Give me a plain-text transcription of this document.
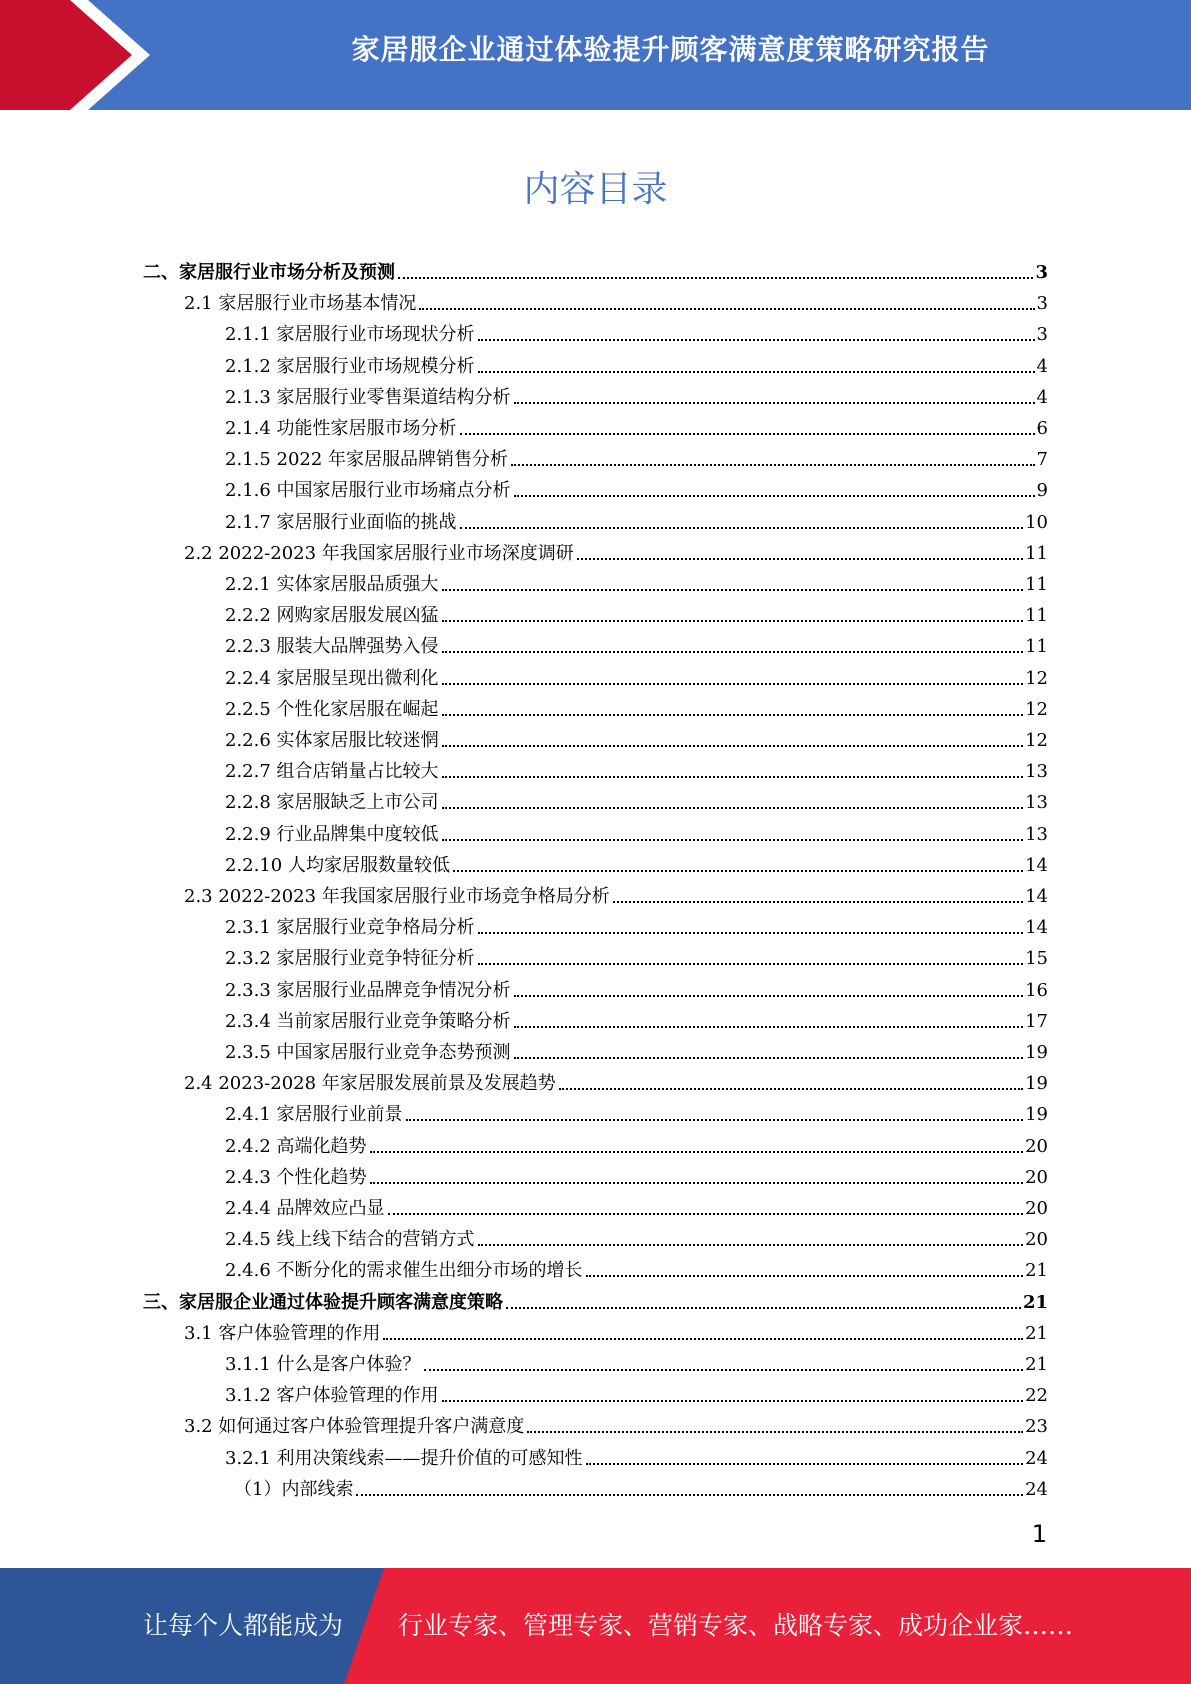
家居服企业通过体验提升顾客满意度策略研究报告
内容目录
二、家居服行业市场分析及预测	3
2.1 家居服行业市场基本情况	3
2.1.1 家居服行业市场现状分析	3
2.1.2 家居服行业市场规模分析	4
2.1.3 家居服行业零售渠道结构分析	4
2.1.4 功能性家居服市场分析	6
2.1.5 2022 年家居服品牌销售分析	7
2.1.6 中国家居服行业市场痛点分析	9
2.1.7 家居服行业面临的挑战	10
2.2 2022-2023 年我国家居服行业市场深度调研	11
2.2.1 实体家居服品质强大	11
2.2.2 网购家居服发展凶猛	11
2.2.3 服装大品牌强势入侵	11
2.2.4 家居服呈现出微利化	12
2.2.5 个性化家居服在崛起	12
2.2.6 实体家居服比较迷惘	12
2.2.7 组合店销量占比较大	13
2.2.8 家居服缺乏上市公司	13
2.2.9 行业品牌集中度较低	13
2.2.10 人均家居服数量较低	14
2.3 2022-2023 年我国家居服行业市场竞争格局分析	14
2.3.1 家居服行业竞争格局分析	14
2.3.2 家居服行业竞争特征分析	15
2.3.3 家居服行业品牌竞争情况分析	16
2.3.4 当前家居服行业竞争策略分析	17
2.3.5 中国家居服行业竞争态势预测	19
2.4 2023-2028 年家居服发展前景及发展趋势	19
2.4.1 家居服行业前景	19
2.4.2 高端化趋势	20
2.4.3 个性化趋势	20
2.4.4 品牌效应凸显	20
2.4.5 线上线下结合的营销方式	20
2.4.6 不断分化的需求催生出细分市场的增长	21
三、家居服企业通过体验提升顾客满意度策略	21
3.1 客户体验管理的作用	21
3.1.1 什么是客户体验？	21
3.1.2 客户体验管理的作用	22
3.2 如何通过客户体验管理提升客户满意度	23
3.2.1 利用决策线索——提升价值的可感知性	24
（1）内部线索	24
1
让每个人都能成为 行业专家、管理专家、营销专家、战略专家、成功企业家……
